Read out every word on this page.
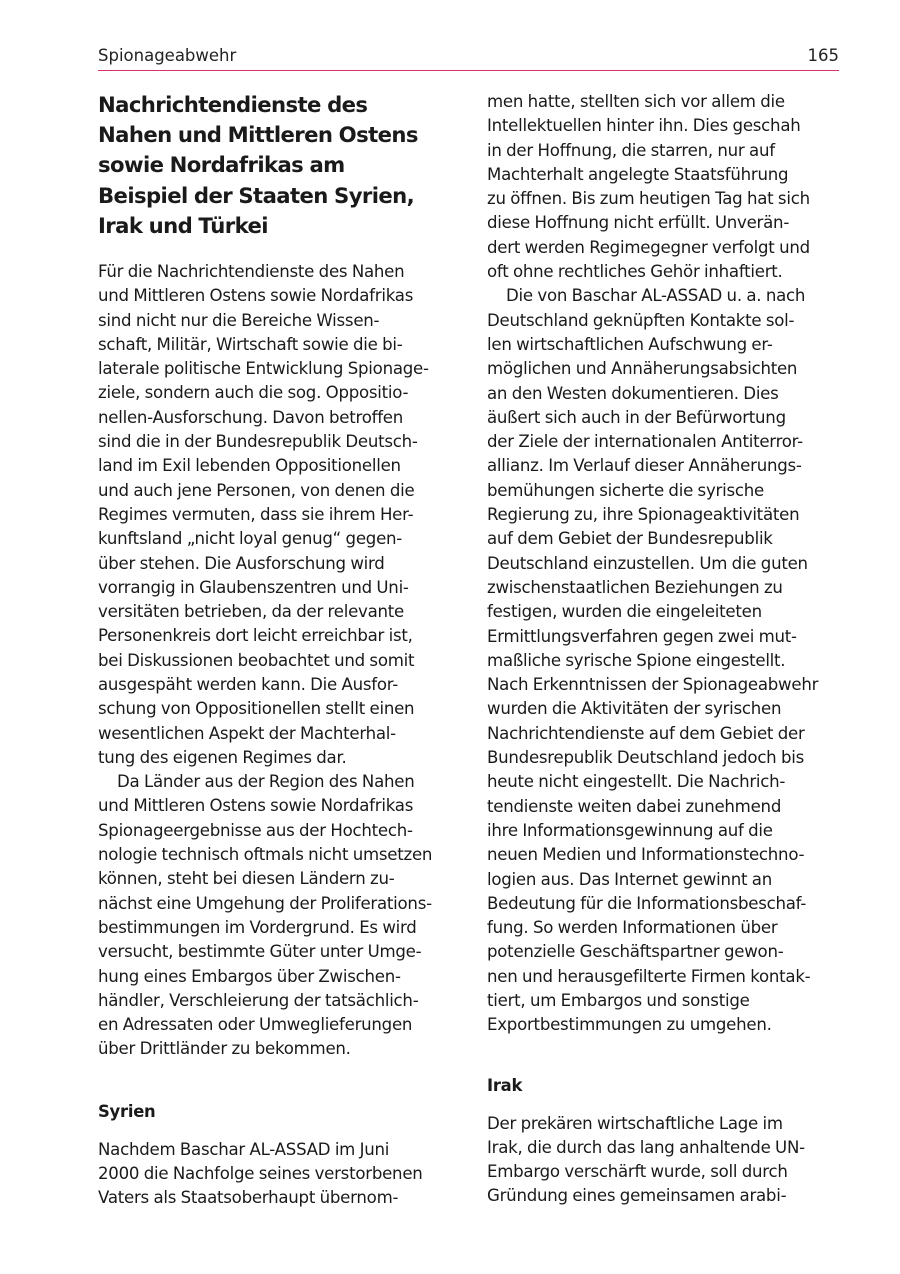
Spionageabwehr	165
Nachrichtendienste des
Nahen und Mittleren Ostens
sowie Nordafrikas am
Beispiel der Staaten Syrien,
Irak und Türkei

Für die Nachrichtendienste des Nahen
und Mittleren Ostens sowie Nordafrikas
sind nicht nur die Bereiche Wissen-
schaft, Militär, Wirtschaft sowie die bi-
laterale politische Entwicklung Spionage-
ziele, sondern auch die sog. Oppositio-
nellen-Ausforschung. Davon betroffen
sind die in der Bundesrepublik Deutsch-
land im Exil lebenden Oppositionellen
und auch jene Personen, von denen die
Regimes vermuten, dass sie ihrem Her-
kunftsland „nicht loyal genug“ gegen-
über stehen. Die Ausforschung wird
vorrangig in Glaubenszentren und Uni-
versitäten betrieben, da der relevante
Personenkreis dort leicht erreichbar ist,
bei Diskussionen beobachtet und somit
ausgespäht werden kann. Die Ausfor-
schung von Oppositionellen stellt einen
wesentlichen Aspekt der Machterhal-
tung des eigenen Regimes dar.

Da Länder aus der Region des Nahen
und Mittleren Ostens sowie Nordafrikas
Spionageergebnisse aus der Hochtech-
nologie technisch oftmals nicht umsetzen
können, steht bei diesen Ländern zu-
nächst eine Umgehung der Proliferations-
bestimmungen im Vordergrund. Es wird
versucht, bestimmte Güter unter Umge-
hung eines Embargos über Zwischen-
händler, Verschleierung der tatsächlich-
en Adressaten oder Umweglieferungen
über Drittländer zu bekommen.

Syrien

Nachdem Baschar AL-ASSAD im Juni
2000 die Nachfolge seines verstorbenen
Vaters als Staatsoberhaupt übernom-

men hatte, stellten sich vor allem die
Intellektuellen hinter ihn. Dies geschah
in der Hoffnung, die starren, nur auf
Machterhalt angelegte Staatsführung
zu öffnen. Bis zum heutigen Tag hat sich
diese Hoffnung nicht erfüllt. Unverän-
dert werden Regimegegner verfolgt und
oft ohne rechtliches Gehör inhaftiert.

Die von Baschar AL-ASSAD u. a. nach
Deutschland geknüpften Kontakte sol-
len wirtschaftlichen Aufschwung er-
möglichen und Annäherungsabsichten
an den Westen dokumentieren. Dies
äußert sich auch in der Befürwortung
der Ziele der internationalen Antiterror-
allianz. Im Verlauf dieser Annäherungs-
bemühungen sicherte die syrische
Regierung zu, ihre Spionageaktivitäten
auf dem Gebiet der Bundesrepublik
Deutschland einzustellen. Um die guten
zwischenstaatlichen Beziehungen zu
festigen, wurden die eingeleiteten
Ermittlungsverfahren gegen zwei mut-
maßliche syrische Spione eingestellt.
Nach Erkenntnissen der Spionageabwehr
wurden die Aktivitäten der syrischen
Nachrichtendienste auf dem Gebiet der
Bundesrepublik Deutschland jedoch bis
heute nicht eingestellt. Die Nachrich-
tendienste weiten dabei zunehmend
ihre Informationsgewinnung auf die
neuen Medien und Informationstechno-
logien aus. Das Internet gewinnt an
Bedeutung für die Informationsbeschaf-
fung. So werden Informationen über
potenzielle Geschäftspartner gewon-
nen und herausgefilterte Firmen kontak-
tiert, um Embargos und sonstige
Exportbestimmungen zu umgehen.

Irak

Der prekären wirtschaftliche Lage im
Irak, die durch das lang anhaltende UN-
Embargo verschärft wurde, soll durch
Gründung eines gemeinsamen arabi-
